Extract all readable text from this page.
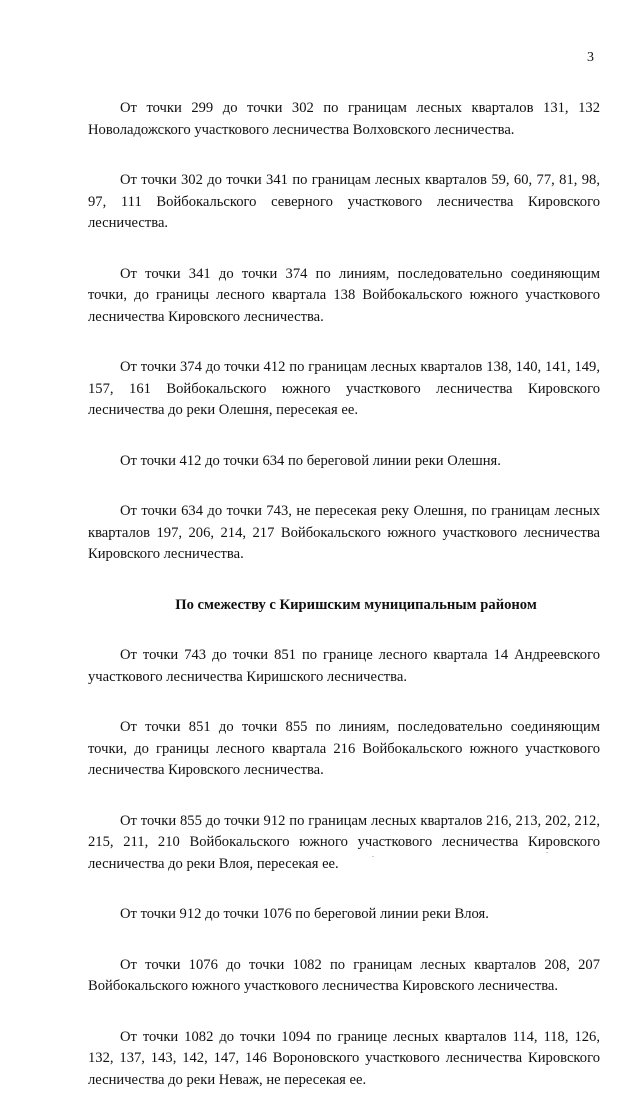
3

От точки 299 до точки 302 по границам лесных кварталов 131, 132 Новоладожского участкового лесничества Волховского лесничества.

От точки 302 до точки 341 по границам лесных кварталов 59, 60, 77, 81, 98, 97, 111 Войбокальского северного участкового лесничества Кировского лесничества.

От точки 341 до точки 374 по линиям, последовательно соединяющим точки, до границы лесного квартала 138 Войбокальского южного участкового лесничества Кировского лесничества.

От точки 374 до точки 412 по границам лесных кварталов 138, 140, 141, 149, 157, 161 Войбокальского южного участкового лесничества Кировского лесничества до реки Олешня, пересекая ее.

От точки 412 до точки 634 по береговой линии реки Олешня.

От точки 634 до точки 743, не пересекая реку Олешня, по границам лесных кварталов 197, 206, 214, 217 Войбокальского южного участкового лесничества Кировского лесничества.

По смежеству с Киришским муниципальным районом

От точки 743 до точки 851 по границе лесного квартала 14 Андреевского участкового лесничества Киришского лесничества.

От точки 851 до точки 855 по линиям, последовательно соединяющим точки, до границы лесного квартала 216 Войбокальского южного участкового лесничества Кировского лесничества.

От точки 855 до точки 912 по границам лесных кварталов 216, 213, 202, 212, 215, 211, 210 Войбокальского южного участкового лесничества Кировского лесничества до реки Влоя, пересекая ее.

От точки 912 до точки 1076 по береговой линии реки Влоя.

От точки 1076 до точки 1082 по границам лесных кварталов 208, 207 Войбокальского южного участкового лесничества Кировского лесничества.

От точки 1082 до точки 1094 по границе лесных кварталов 114, 118, 126, 132, 137, 143, 142, 147, 146 Вороновского участкового лесничества Кировского лесничества до реки Неваж, не пересекая ее.
